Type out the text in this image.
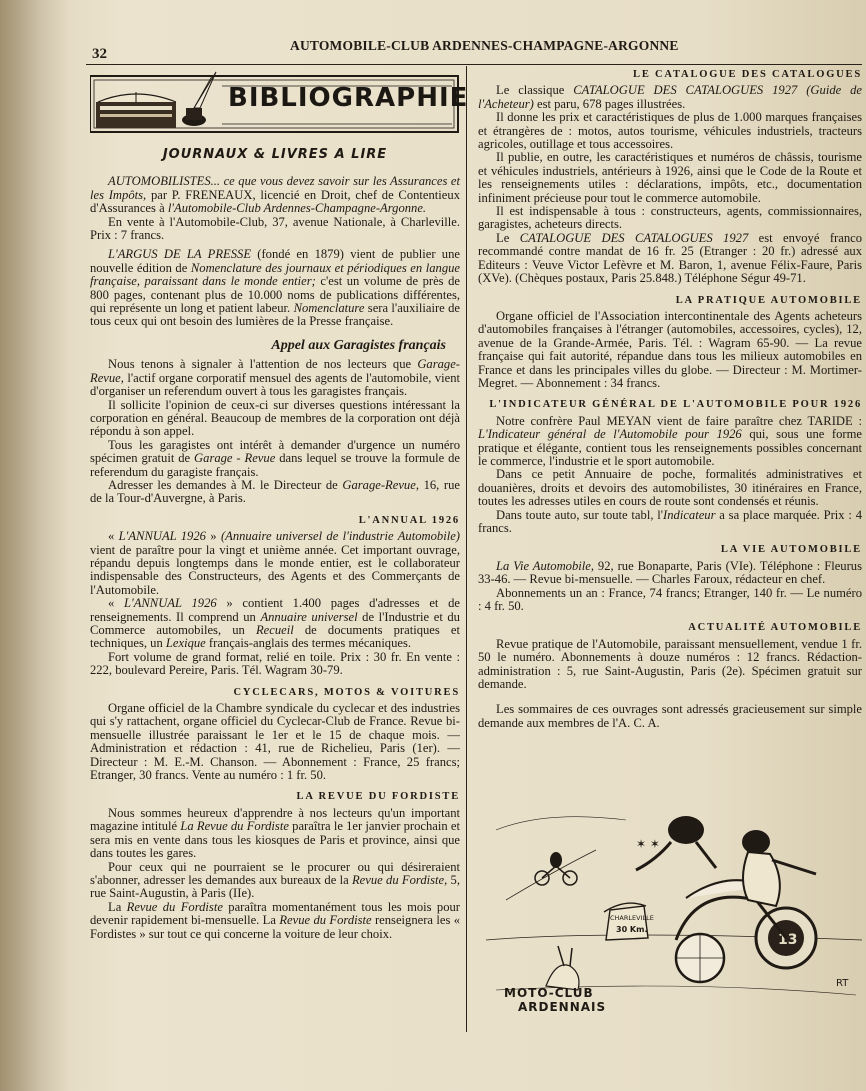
32
AUTOMOBILE-CLUB ARDENNES-CHAMPAGNE-ARGONNE
BIBLIOGRAPHIE
JOURNAUX & LIVRES A LIRE

AUTOMOBILISTES... ce que vous devez savoir sur les Assurances et les Impôts, par P. FRENEAUX, licencié en Droit, chef de Contentieux d'Assurances à l'Automobile-Club Ardennes-Champagne-Argonne.

En vente à l'Automobile-Club, 37, avenue Nationale, à Charleville. Prix : 7 francs.

L'ARGUS DE LA PRESSE (fondé en 1879) vient de publier une nouvelle édition de Nomenclature des journaux et périodiques en langue française, paraissant dans le monde entier; c'est un volume de près de 800 pages, contenant plus de 10.000 noms de publications différentes, qui représente un long et patient labeur. Nomenclature sera l'auxiliaire de tous ceux qui ont besoin des lumières de la Presse française.

Appel aux Garagistes français

Nous tenons à signaler à l'attention de nos lecteurs que Garage-Revue, l'actif organe corporatif mensuel des agents de l'automobile, vient d'organiser un referendum ouvert à tous les garagistes français.

Il sollicite l'opinion de ceux-ci sur diverses questions intéressant la corporation en général. Beaucoup de membres de la corporation ont déjà répondu à son appel.

Tous les garagistes ont intérêt à demander d'urgence un numéro spécimen gratuit de Garage - Revue dans lequel se trouve la formule de referendum du garagiste français.

Adresser les demandes à M. le Directeur de Garage-Revue, 16, rue de la Tour-d'Auvergne, à Paris.

L'ANNUAL 1926

« L'ANNUAL 1926 » (Annuaire universel de l'industrie Automobile) vient de paraître pour la vingt et unième année. Cet important ouvrage, répandu depuis longtemps dans le monde entier, est le collaborateur indispensable des Constructeurs, des Agents et des Commerçants de l'Automobile.

« L'ANNUAL 1926 » contient 1.400 pages d'adresses et de renseignements. Il comprend un Annuaire universel de l'Industrie et du Commerce automobiles, un Recueil de documents pratiques et techniques, un Lexique français-anglais des termes mécaniques.

Fort volume de grand format, relié en toile. Prix : 30 fr. En vente : 222, boulevard Pereire, Paris. Tél. Wagram 30-79.

CYCLECARS, MOTOS & VOITURES

Organe officiel de la Chambre syndicale du cyclecar et des industries qui s'y rattachent, organe officiel du Cyclecar-Club de France. Revue bi-mensuelle illustrée paraissant le 1er et le 15 de chaque mois. — Administration et rédaction : 41, rue de Richelieu, Paris (1er). — Directeur : M. E.-M. Chanson. — Abonnement : France, 25 francs; Etranger, 30 francs. Vente au numéro : 1 fr. 50.

LA REVUE DU FORDISTE

Nous sommes heureux d'apprendre à nos lecteurs qu'un important magazine intitulé La Revue du Fordiste paraîtra le 1er janvier prochain et sera mis en vente dans tous les kiosques de Paris et province, ainsi que dans toutes les gares.

Pour ceux qui ne pourraient se le procurer ou qui désireraient s'abonner, adresser les demandes aux bureaux de la Revue du Fordiste, 5, rue Saint-Augustin, à Paris (IIe).

La Revue du Fordiste paraîtra momentanément tous les mois pour devenir rapidement bi-mensuelle. La Revue du Fordiste renseignera les « Fordistes » sur tout ce qui concerne la voiture de leur choix.

LE CATALOGUE DES CATALOGUES

Le classique CATALOGUE DES CATALOGUES 1927 (Guide de l'Acheteur) est paru, 678 pages illustrées.

Il donne les prix et caractéristiques de plus de 1.000 marques françaises et étrangères de : motos, autos tourisme, véhicules industriels, tracteurs agricoles, outillage et tous accessoires.

Il publie, en outre, les caractéristiques et numéros de châssis, tourisme et véhicules industriels, antérieurs à 1926, ainsi que le Code de la Route et les renseignements utiles : déclarations, impôts, etc., documentation infiniment précieuse pour tout le commerce automobile.

Il est indispensable à tous : constructeurs, agents, commissionnaires, garagistes, acheteurs directs.

Le CATALOGUE DES CATALOGUES 1927 est envoyé franco recommandé contre mandat de 16 fr. 25 (Etranger : 20 fr.) adressé aux Editeurs : Veuve Victor Lefèvre et M. Baron, 1, avenue Félix-Faure, Paris (XVe). (Chèques postaux, Paris 25.848.) Téléphone Ségur 49-71.

LA PRATIQUE AUTOMOBILE

Organe officiel de l'Association intercontinentale des Agents acheteurs d'automobiles françaises à l'étranger (automobiles, accessoires, cycles), 12, avenue de la Grande-Armée, Paris. Tél. : Wagram 65-90. — La revue française qui fait autorité, répandue dans tous les milieux automobiles en France et dans les principales villes du globe. — Directeur : M. Mortimer-Megret. — Abonnement : 34 francs.

L'INDICATEUR GÉNÉRAL DE L'AUTOMOBILE POUR 1926

Notre confrère Paul MEYAN vient de faire paraître chez TARIDE : L'Indicateur général de l'Automobile pour 1926 qui, sous une forme pratique et élégante, contient tous les renseignements possibles concernant le commerce, l'industrie et le sport automobile.

Dans ce petit Annuaire de poche, formalités administratives et douanières, droits et devoirs des automobilistes, 30 itinéraires en France, toutes les adresses utiles en cours de route sont condensés et réunis.

Dans toute auto, sur toute tabl, l'Indicateur a sa place marquée. Prix : 4 francs.

LA VIE AUTOMOBILE

La Vie Automobile, 92, rue Bonaparte, Paris (VIe). Téléphone : Fleurus 33-46. — Revue bi-mensuelle. — Charles Faroux, rédacteur en chef.

Abonnements un an : France, 74 francs; Etranger, 140 fr. — Le numéro : 4 fr. 50.

ACTUALITÉ AUTOMOBILE

Revue pratique de l'Automobile, paraissant mensuellement, vendue 1 fr. 50 le numéro. Abonnements à douze numéros : 12 francs. Rédaction-administration : 5, rue Saint-Augustin, Paris (2e). Spécimen gratuit sur demande.

Les sommaires de ces ouvrages sont adressés gracieusement sur simple demande aux membres de l'A. C. A.

✶ ✶
CHARLEVILLE
30 Km.
13
RT
MOTO-CLUB
ARDENNAIS
